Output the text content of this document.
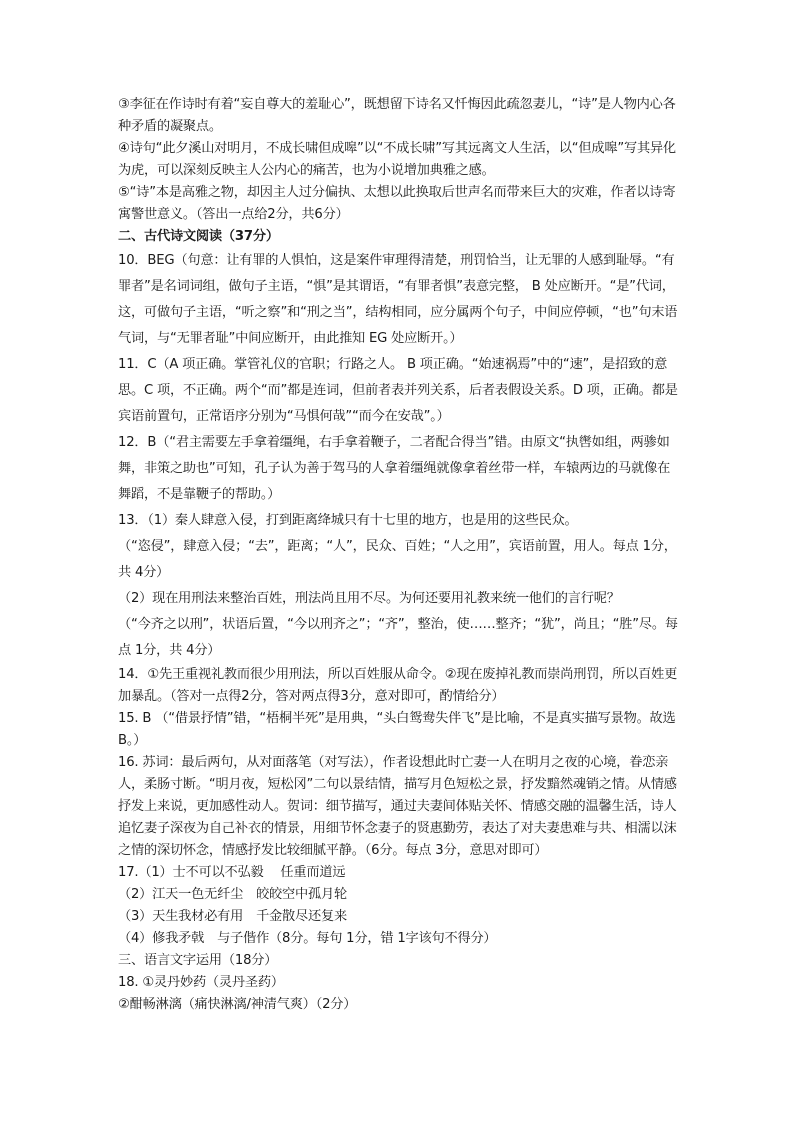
③李征在作诗时有着“妄自尊大的羞耻心”，既想留下诗名又忏悔因此疏忽妻儿，“诗”是人物内心各种矛盾的凝聚点。

④诗句“此夕溪山对明月，不成长啸但成嗥”以“不成长啸”写其远离文人生活，以“但成嗥”写其异化为虎，可以深刻反映主人公内心的痛苦，也为小说增加典雅之感。

⑤“诗”本是高雅之物，却因主人过分偏执、太想以此换取后世声名而带来巨大的灾难，作者以诗寄寓警世意义。（答出一点给2分，共6分）

二、古代诗文阅读（37分）

10．BEG（句意：让有罪的人惧怕，这是案件审理得清楚，刑罚恰当，让无罪的人感到耻辱。“有罪者”是名词词组，做句子主语，“惧”是其谓语，“有罪者惧”表意完整， B 处应断开。“是”代词，这，可做句子主语，“听之察”和“刑之当”，结构相同，应分属两个句子，中间应停顿，“也”句末语气词，与“无罪者耻”中间应断开，由此推知 EG 处应断开。）

11．C（A 项正确。掌管礼仪的官职；行路之人。 B 项正确。“始速祸焉”中的“速”，是招致的意思。C 项，不正确。两个“而”都是连词，但前者表并列关系，后者表假设关系。D 项，正确。都是宾语前置句，正常语序分别为“马惧何哉”“而今在安哉”。）

12．B（“君主需要左手拿着缰绳，右手拿着鞭子，二者配合得当”错。由原文“执辔如组，两骖如舞，非策之助也”可知，孔子认为善于驾马的人拿着缰绳就像拿着丝带一样，车辕两边的马就像在舞蹈，不是靠鞭子的帮助。）

13．（1）秦人肆意入侵，打到距离绛城只有十七里的地方，也是用的这些民众。

（“恣侵”，肆意入侵；“去”，距离；“人”，民众、百姓；“人之用”，宾语前置，用人。每点 1分，共 4分）

（2）现在用刑法来整治百姓，刑法尚且用不尽。为何还要用礼教来统一他们的言行呢？

（“今齐之以刑”，状语后置，“今以刑齐之”；“齐”，整治，使……整齐；“犹”，尚且；“胜”尽。每点 1分，共 4分）

14．①先王重视礼教而很少用刑法，所以百姓服从命令。②现在废掉礼教而崇尚刑罚，所以百姓更加暴乱。（答对一点得2分，答对两点得3分，意对即可，酌情给分）

15. B （“借景抒情”错，“梧桐半死”是用典，“头白鸳鸯失伴飞”是比喻，不是真实描写景物。故选 B。）

16. 苏词：最后两句，从对面落笔（对写法），作者设想此时亡妻一人在明月之夜的心境，眷恋亲人，柔肠寸断。“明月夜，短松冈”二句以景结情，描写月色短松之景，抒发黯然魂销之情。从情感抒发上来说，更加感性动人。贺词：细节描写，通过夫妻间体贴关怀、情感交融的温馨生活，诗人追忆妻子深夜为自己补衣的情景，用细节怀念妻子的贤惠勤劳，表达了对夫妻患难与共、相濡以沫之情的深切怀念，情感抒发比较细腻平静。（6分。每点 3分，意思对即可）

17.（1）士不可以不弘毅　 任重而道远

（2）江天一色无纤尘　皎皎空中孤月轮

（3）天生我材必有用　千金散尽还复来

（4）修我矛戟　与子偕作（8分。每句 1分，错 1字该句不得分）

三、语言文字运用（18分）

18. ①灵丹妙药（灵丹圣药）

②酣畅淋漓（痛快淋漓/神清气爽）（2分）
